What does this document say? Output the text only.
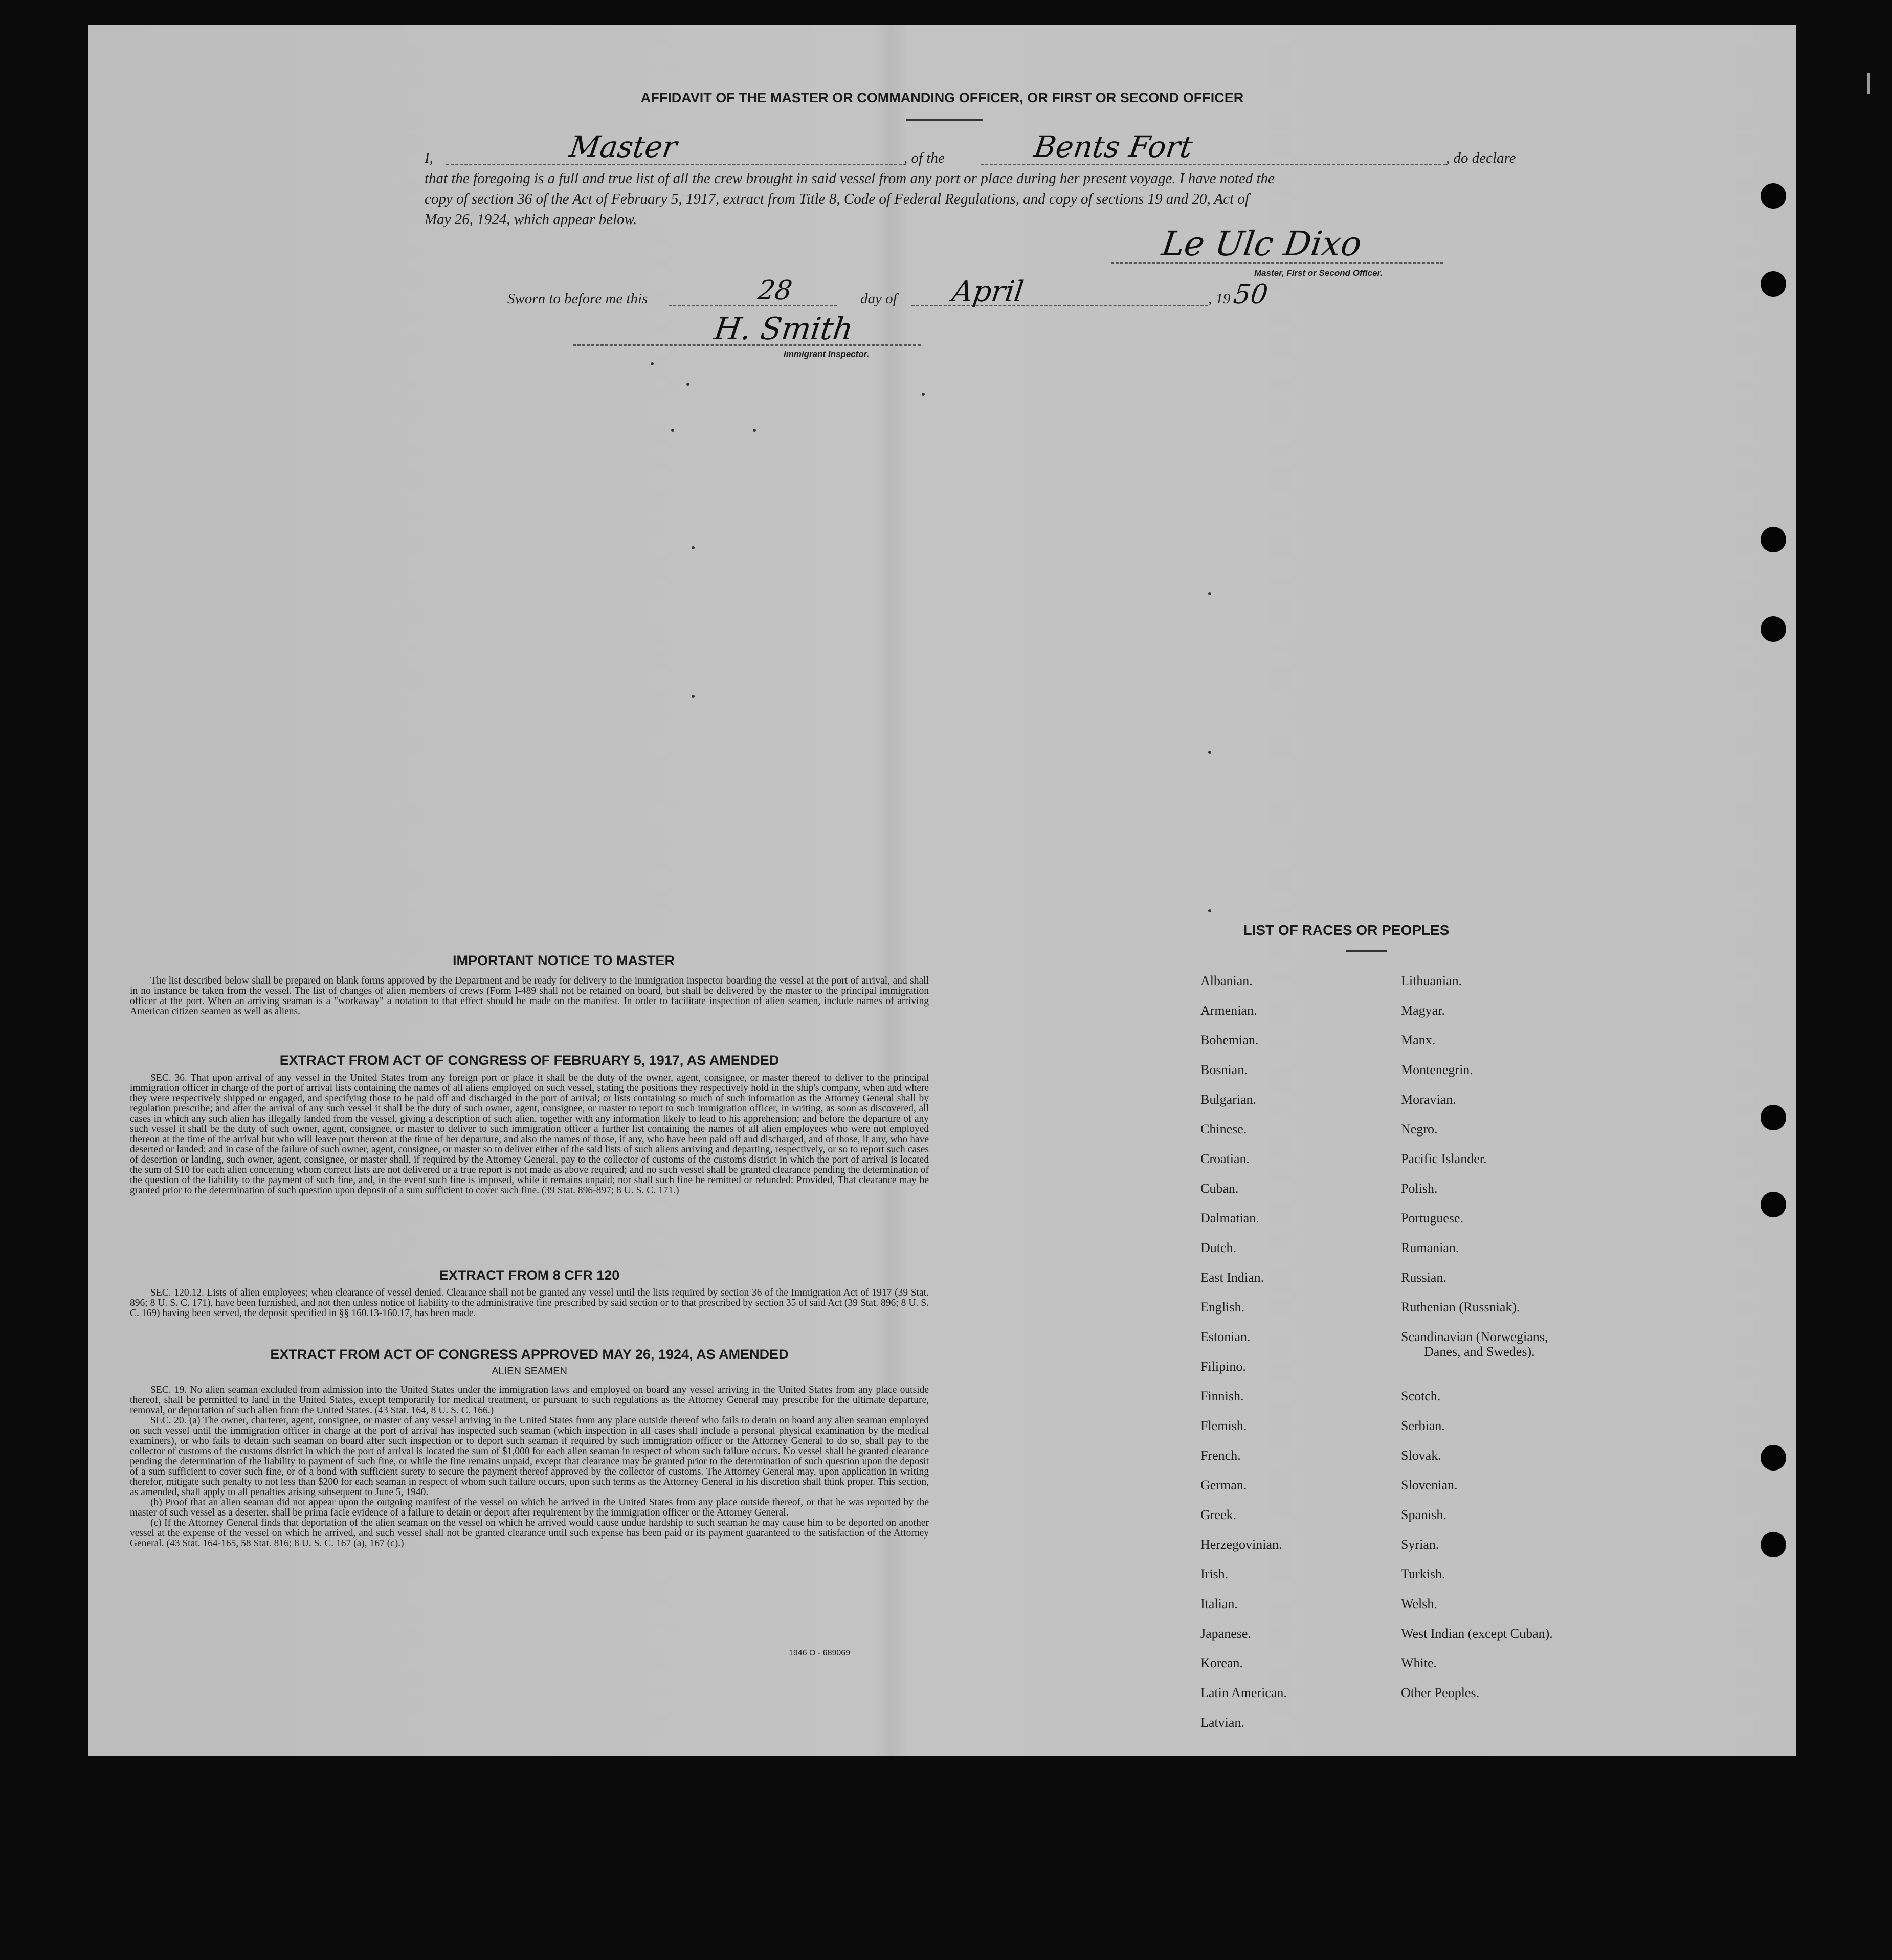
AFFIDAVIT OF THE MASTER OR COMMANDING OFFICER, OR FIRST OR SECOND OFFICER
I,	Master	, of the	Bents Fort	, do declare
that the foregoing is a full and true list of all the crew brought in said vessel from any port or place during her present voyage. I have noted the
copy of section 36 of the Act of February 5, 1917, extract from Title 8, Code of Federal Regulations, and copy of sections 19 and 20, Act of
May 26, 1924, which appear below.
Le Ulc Dixo
Master, First or Second Officer.
Sworn to before me this	28	day of April	, 19 50
H. Smith
Immigrant Inspector.
IMPORTANT NOTICE TO MASTER

The list described below shall be prepared on blank forms approved by the Department and be ready for delivery to the immigration inspector boarding the vessel at the port of arrival, and shall in no instance be taken from the vessel. The list of changes of alien members of crews (Form I-489 shall not be retained on board, but shall be delivered by the master to the principal immigration officer at the port. When an arriving seaman is a "workaway" a notation to that effect should be made on the manifest. In order to facilitate inspection of alien seamen, include names of arriving American citizen seamen as well as aliens.

EXTRACT FROM ACT OF CONGRESS OF FEBRUARY 5, 1917, AS AMENDED

SEC. 36. That upon arrival of any vessel in the United States from any foreign port or place it shall be the duty of the owner, agent, consignee, or master thereof to deliver to the principal immigration officer in charge of the port of arrival lists containing the names of all aliens employed on such vessel, stating the positions they respectively hold in the ship's company, when and where they were respectively shipped or engaged, and specifying those to be paid off and discharged in the port of arrival; or lists containing so much of such information as the Attorney General shall by regulation prescribe; and after the arrival of any such vessel it shall be the duty of such owner, agent, consignee, or master to report to such immigration officer, in writing, as soon as discovered, all cases in which any such alien has illegally landed from the vessel, giving a description of such alien, together with any information likely to lead to his apprehension; and before the departure of any such vessel it shall be the duty of such owner, agent, consignee, or master to deliver to such immigration officer a further list containing the names of all alien employees who were not employed thereon at the time of the arrival but who will leave port thereon at the time of her departure, and also the names of those, if any, who have been paid off and discharged, and of those, if any, who have deserted or landed; and in case of the failure of such owner, agent, consignee, or master so to deliver either of the said lists of such aliens arriving and departing, respectively, or so to report such cases of desertion or landing, such owner, agent, consignee, or master shall, if required by the Attorney General, pay to the collector of customs of the customs district in which the port of arrival is located the sum of $10 for each alien concerning whom correct lists are not delivered or a true report is not made as above required; and no such vessel shall be granted clearance pending the determination of the question of the liability to the payment of such fine, and, in the event such fine is imposed, while it remains unpaid; nor shall such fine be remitted or refunded: Provided, That clearance may be granted prior to the determination of such question upon deposit of a sum sufficient to cover such fine. (39 Stat. 896-897; 8 U. S. C. 171.)

EXTRACT FROM 8 CFR 120

SEC. 120.12. Lists of alien employees; when clearance of vessel denied. Clearance shall not be granted any vessel until the lists required by section 36 of the Immigration Act of 1917 (39 Stat. 896; 8 U. S. C. 171), have been furnished, and not then unless notice of liability to the administrative fine prescribed by said section or to that prescribed by section 35 of said Act (39 Stat. 896; 8 U. S. C. 169) having been served, the deposit specified in §§ 160.13-160.17, has been made.

EXTRACT FROM ACT OF CONGRESS APPROVED MAY 26, 1924, AS AMENDED
ALIEN SEAMEN

SEC. 19. No alien seaman excluded from admission into the United States under the immigration laws and employed on board any vessel arriving in the United States from any place outside thereof, shall be permitted to land in the United States, except temporarily for medical treatment, or pursuant to such regulations as the Attorney General may prescribe for the ultimate departure, removal, or deportation of such alien from the United States. (43 Stat. 164, 8 U. S. C. 166.)

SEC. 20. (a) The owner, charterer, agent, consignee, or master of any vessel arriving in the United States from any place outside thereof who fails to detain on board any alien seaman employed on such vessel until the immigration officer in charge at the port of arrival has inspected such seaman (which inspection in all cases shall include a personal physical examination by the medical examiners), or who fails to detain such seaman on board after such inspection or to deport such seaman if required by such immigration officer or the Attorney General to do so, shall pay to the collector of customs of the customs district in which the port of arrival is located the sum of $1,000 for each alien seaman in respect of whom such failure occurs. No vessel shall be granted clearance pending the determination of the liability to payment of such fine, or while the fine remains unpaid, except that clearance may be granted prior to the determination of such question upon the deposit of a sum sufficient to cover such fine, or of a bond with sufficient surety to secure the payment thereof approved by the collector of customs. The Attorney General may, upon application in writing therefor, mitigate such penalty to not less than $200 for each seaman in respect of whom such failure occurs, upon such terms as the Attorney General in his discretion shall think proper. This section, as amended, shall apply to all penalties arising subsequent to June 5, 1940.

(b) Proof that an alien seaman did not appear upon the outgoing manifest of the vessel on which he arrived in the United States from any place outside thereof, or that he was reported by the master of such vessel as a deserter, shall be prima facie evidence of a failure to detain or deport after requirement by the immigration officer or the Attorney General.

(c) If the Attorney General finds that deportation of the alien seaman on the vessel on which he arrived would cause undue hardship to such seaman he may cause him to be deported on another vessel at the expense of the vessel on which he arrived, and such vessel shall not be granted clearance until such expense has been paid or its payment guaranteed to the satisfaction of the Attorney General. (43 Stat. 164-165, 58 Stat. 816; 8 U. S. C. 167 (a), 167 (c).)

1946 O - 689069
LIST OF RACES OR PEOPLES
Albanian.
Armenian.
Bohemian.
Bosnian.
Bulgarian.
Chinese.
Croatian.
Cuban.
Dalmatian.
Dutch.
East Indian.
English.
Estonian.
Filipino.
Finnish.
Flemish.
French.
German.
Greek.
Herzegovinian.
Irish.
Italian.
Japanese.
Korean.
Latin American.
Latvian.
Lithuanian.
Magyar.
Manx.
Montenegrin.
Moravian.
Negro.
Pacific Islander.
Polish.
Portuguese.
Rumanian.
Russian.
Ruthenian (Russniak).
Scandinavian (Norwegians,
Danes, and Swedes).
Scotch.
Serbian.
Slovak.
Slovenian.
Spanish.
Syrian.
Turkish.
Welsh.
West Indian (except Cuban).
White.
Other Peoples.
